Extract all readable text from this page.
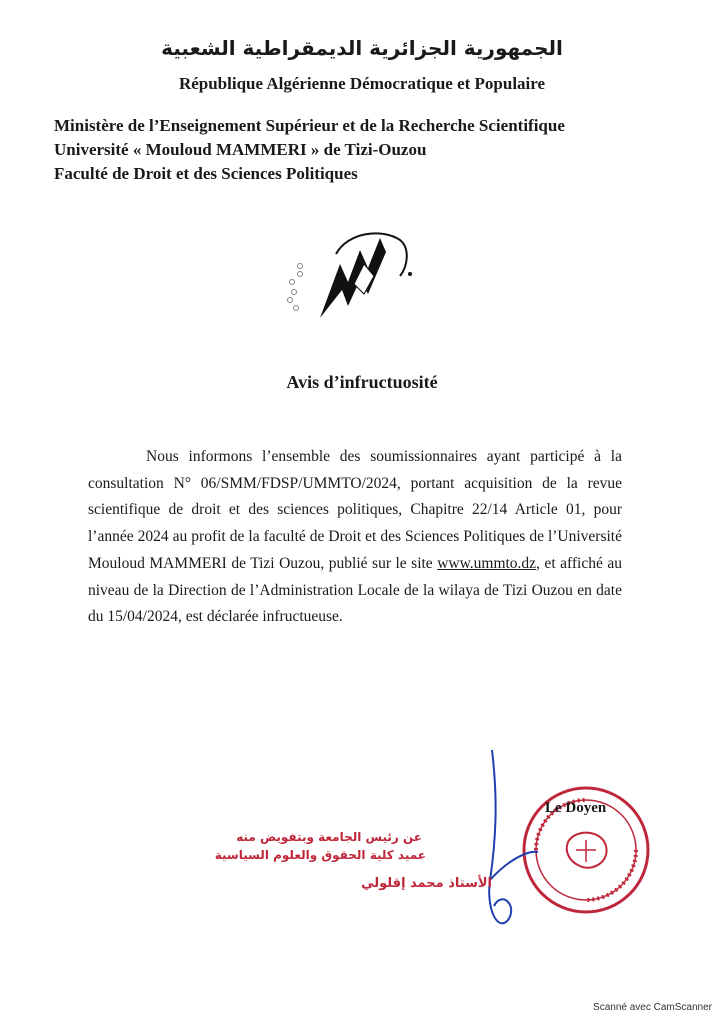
الجمهورية الجزائرية الديمقراطية الشعبية
République Algérienne Démocratique et Populaire
Ministère de l’Enseignement Supérieur et de la Recherche Scientifique
Université « Mouloud MAMMERI » de Tizi-Ouzou
Faculté de Droit et des Sciences Politiques
Avis d’infructuosité
Nous informons l’ensemble des soumissionnaires ayant participé à la consultation N° 06/SMM/FDSP/UMMTO/2024, portant acquisition de la revue scientifique de droit et des sciences politiques, Chapitre 22/14 Article 01, pour l’année 2024 au profit de la faculté de Droit et des Sciences Politiques de l’Université Mouloud MAMMERI de Tizi Ouzou, publié sur le site www.ummto.dz, et affiché au niveau de la Direction de l’Administration Locale de la wilaya de Tizi Ouzou en date du 15/04/2024, est déclarée infructueuse.
Le Doyen
عن رئيس الجامعة وبتفويض منه
عميد كلية الحقوق والعلوم السياسية
الأستاذ محمد إقلولي
Scanné avec CamScanner
